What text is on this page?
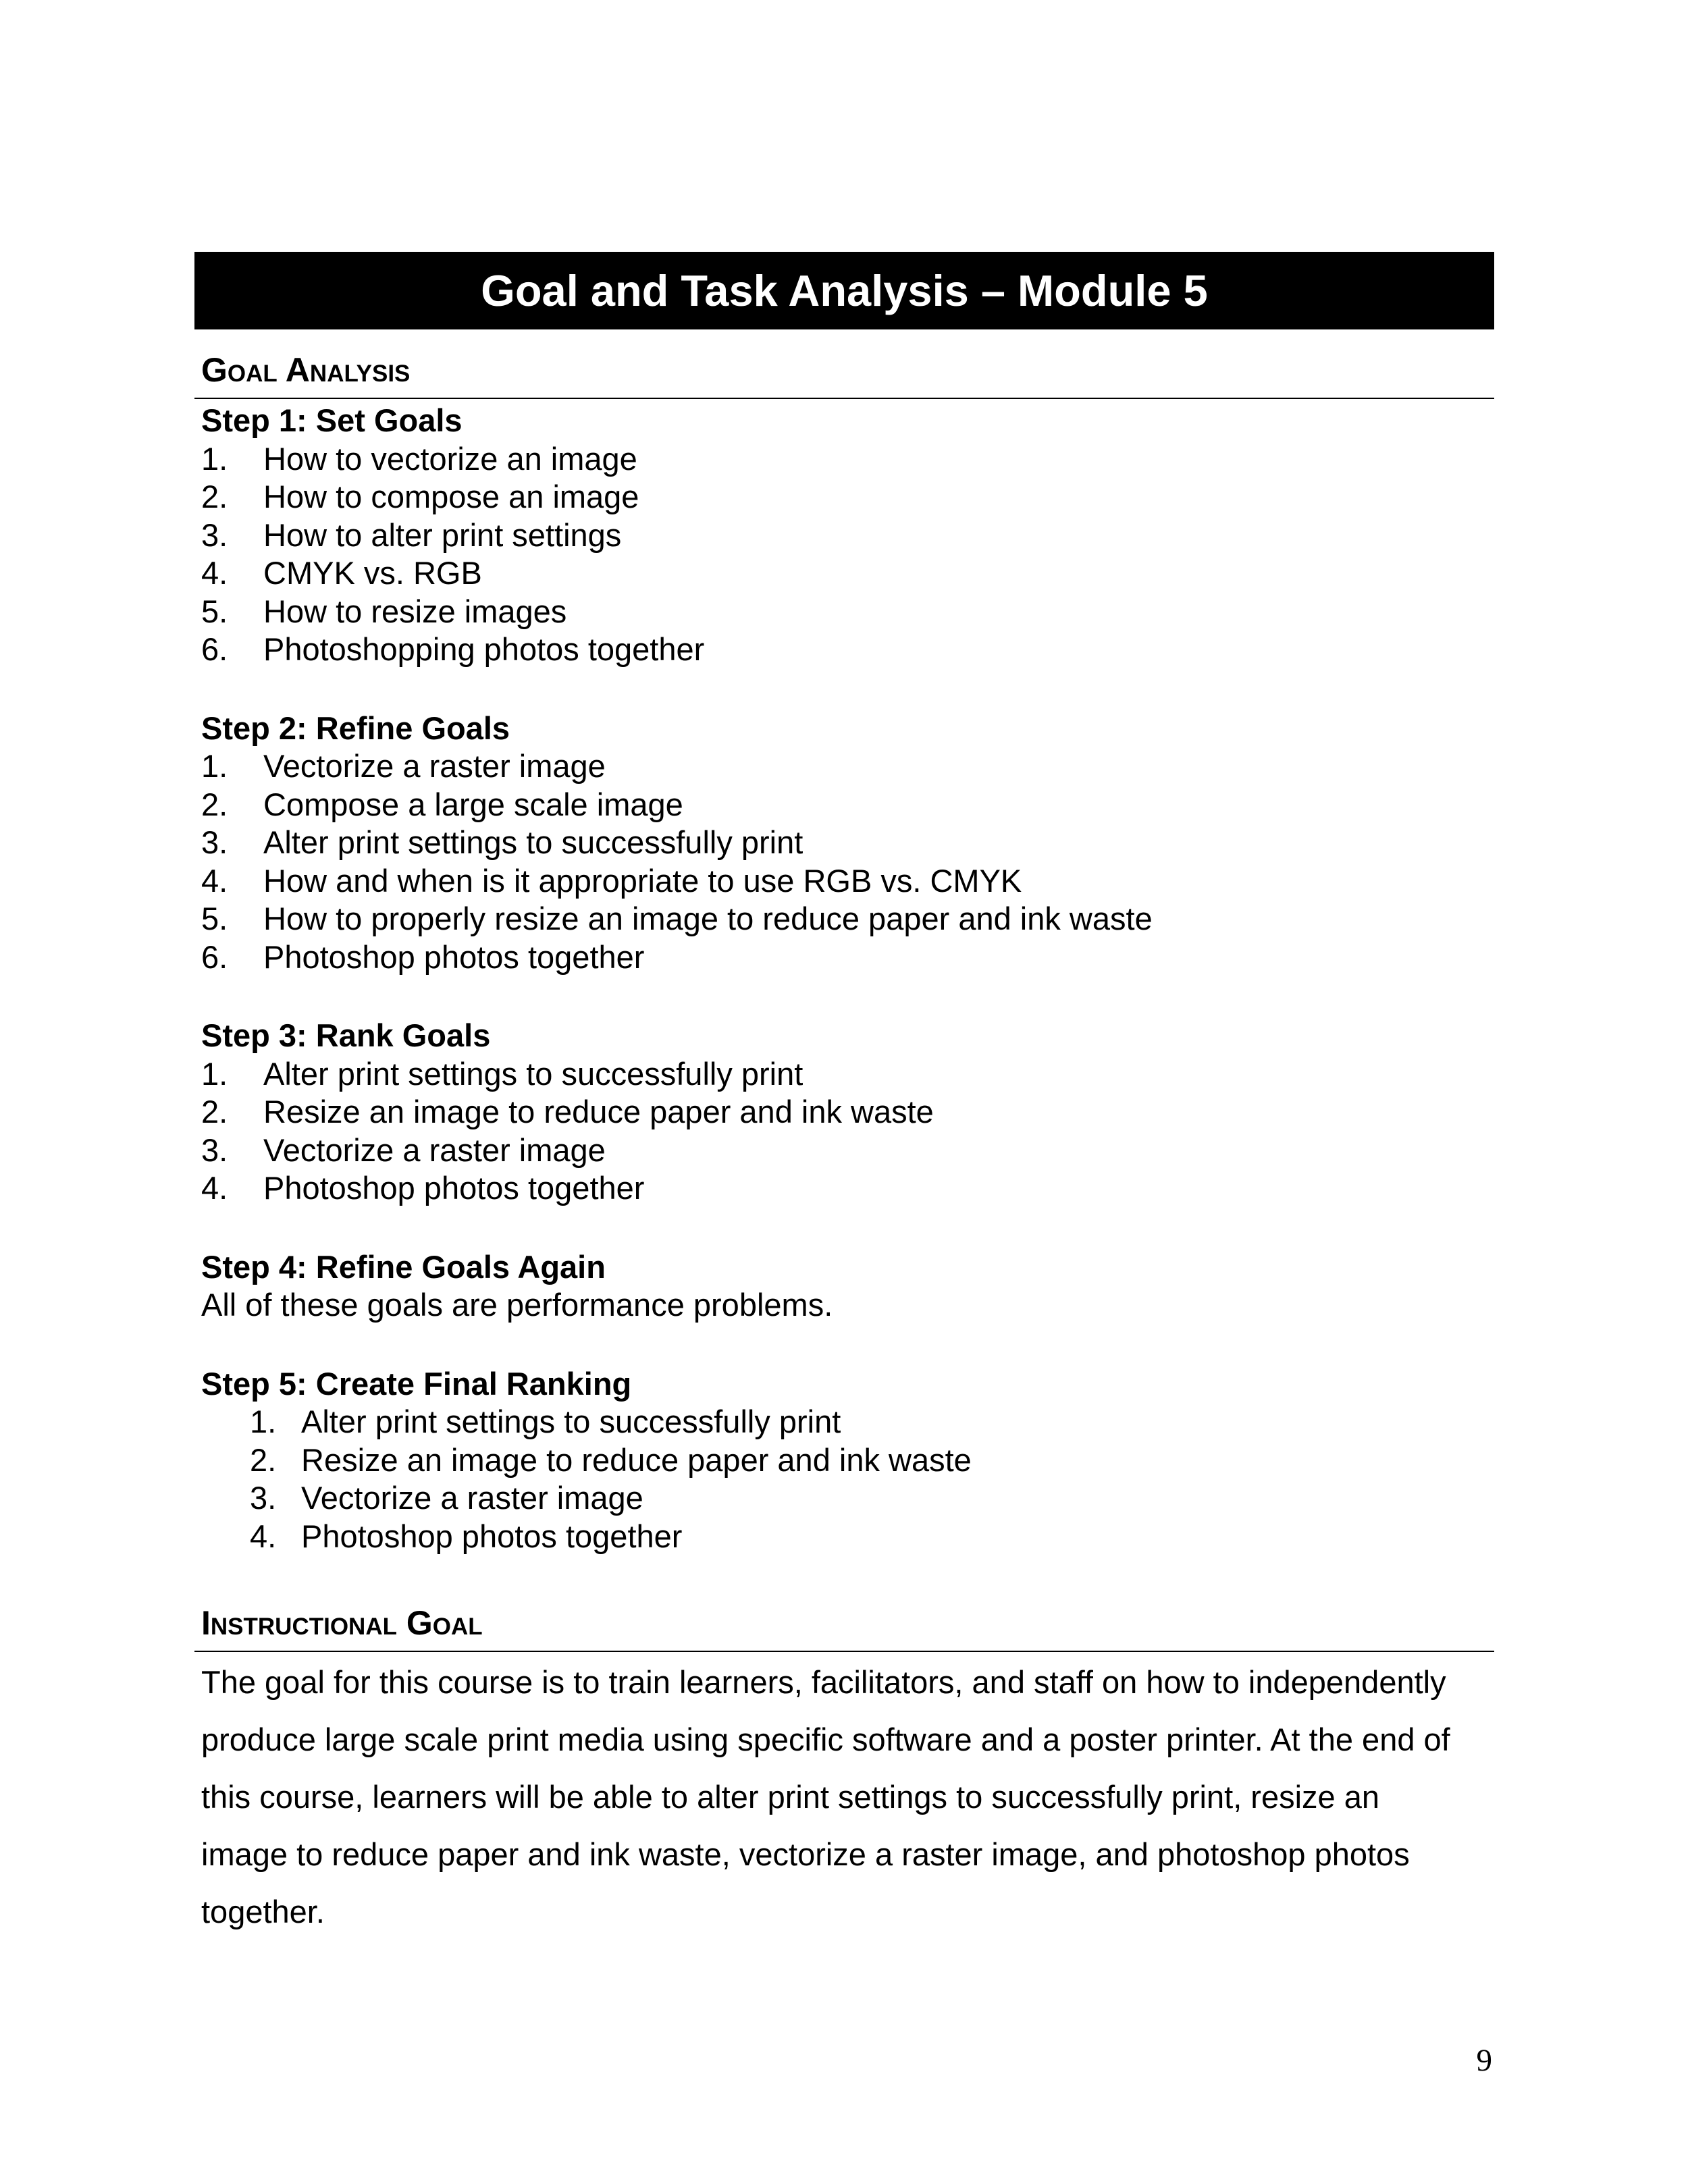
Goal and Task Analysis – Module 5
Goal Analysis

Step 1: Set Goals

1.	How to vectorize an image
2.	How to compose an image
3.	How to alter print settings
4.	CMYK vs. RGB
5.	How to resize images
6.	Photoshopping photos together

Step 2: Refine Goals

1.	Vectorize a raster image
2.	Compose a large scale image
3.	Alter print settings to successfully print
4.	How and when is it appropriate to use RGB vs. CMYK
5.	How to properly resize an image to reduce paper and ink waste
6.	Photoshop photos together

Step 3: Rank Goals

1.	Alter print settings to successfully print
2.	Resize an image to reduce paper and ink waste
3.	Vectorize a raster image
4.	Photoshop photos together

Step 4: Refine Goals Again

All of these goals are performance problems.

Step 5: Create Final Ranking

1. Alter print settings to successfully print
2. Resize an image to reduce paper and ink waste
3. Vectorize a raster image
4. Photoshop photos together
Instructional Goal

The goal for this course is to train learners, facilitators, and staff on how to independently produce large scale print media using specific software and a poster printer. At the end of this course, learners will be able to alter print settings to successfully print, resize an image to reduce paper and ink waste, vectorize a raster image, and photoshop photos together.

9
